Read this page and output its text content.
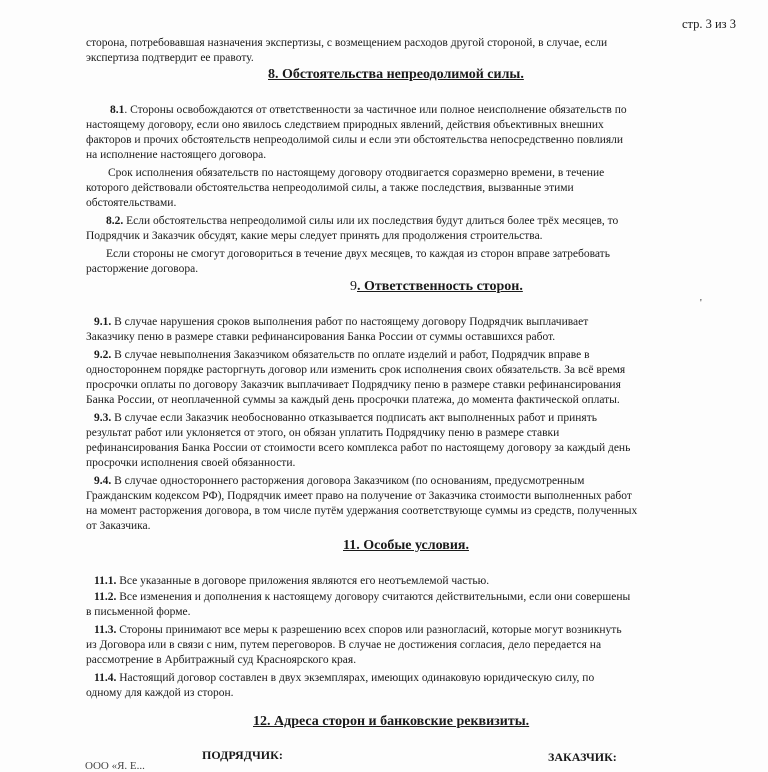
стр. 3 из 3
сторона, потребовавшая назначения экспертизы, с возмещением расходов другой стороной, в случае, если
экспертиза подтвердит ее правоту.
8. Обстоятельства непреодолимой силы.
8.1. Стороны освобождаются от ответственности за частичное или полное неисполнение обязательств по
настоящему договору, если оно явилось следствием природных явлений, действия объективных внешних
факторов и прочих обстоятельств непреодолимой силы и если эти обстоятельства непосредственно повлияли
на исполнение настоящего договора.
Срок исполнения обязательств по настоящему договору отодвигается соразмерно времени, в течение
которого действовали обстоятельства непреодолимой силы, а также последствия, вызванные этими
обстоятельствами.
8.2. Если обстоятельства непреодолимой силы или их последствия будут длиться более трёх месяцев, то
Подрядчик и Заказчик обсудят, какие меры следует принять для продолжения строительства.
Если стороны не смогут договориться в течение двух месяцев, то каждая из сторон вправе затребовать
расторжение договора.
9. Ответственность сторон.
'
9.1. В случае нарушения сроков выполнения работ по настоящему договору Подрядчик выплачивает
Заказчику пеню в размере ставки рефинансирования Банка России от суммы оставшихся работ.
9.2. В случае невыполнения Заказчиком обязательств по оплате изделий и работ, Подрядчик вправе в
одностороннем порядке расторгнуть договор или изменить срок исполнения своих обязательств. За всё время
просрочки оплаты по договору Заказчик выплачивает Подрядчику пеню в размере ставки рефинансирования
Банка России, от неоплаченной суммы за каждый день просрочки платежа, до момента фактической оплаты.
9.3. В случае если Заказчик необоснованно отказывается подписать акт выполненных работ и принять
результат работ или уклоняется от этого, он обязан уплатить Подрядчику пеню в размере ставки
рефинансирования Банка России от стоимости всего комплекса работ по настоящему договору за каждый день
просрочки исполнения своей обязанности.
9.4. В случае одностороннего расторжения договора Заказчиком (по основаниям, предусмотренным
Гражданским кодексом РФ), Подрядчик имеет право на получение от Заказчика стоимости выполненных работ
на момент расторжения договора, в том числе путём удержания соответствующе суммы из средств, полученных
от Заказчика.
11. Особые условия.
11.1. Все указанные в договоре приложения являются его неотъемлемой частью.
11.2. Все изменения и дополнения к настоящему договору считаются действительными, если они совершены
в письменной форме.
11.3. Стороны принимают все меры к разрешению всех споров или разногласий, которые могут возникнуть
из Договора или в связи с ним, путем переговоров. В случае не достижения согласия, дело передается на
рассмотрение в Арбитражный суд Красноярского края.
11.4. Настоящий договор составлен в двух экземплярах, имеющих одинаковую юридическую силу, по
одному для каждой из сторон.
12. Адреса сторон и банковские реквизиты.
ПОДРЯДЧИК:	ЗАКАЗЧИК:
ООО «Я. Е...
